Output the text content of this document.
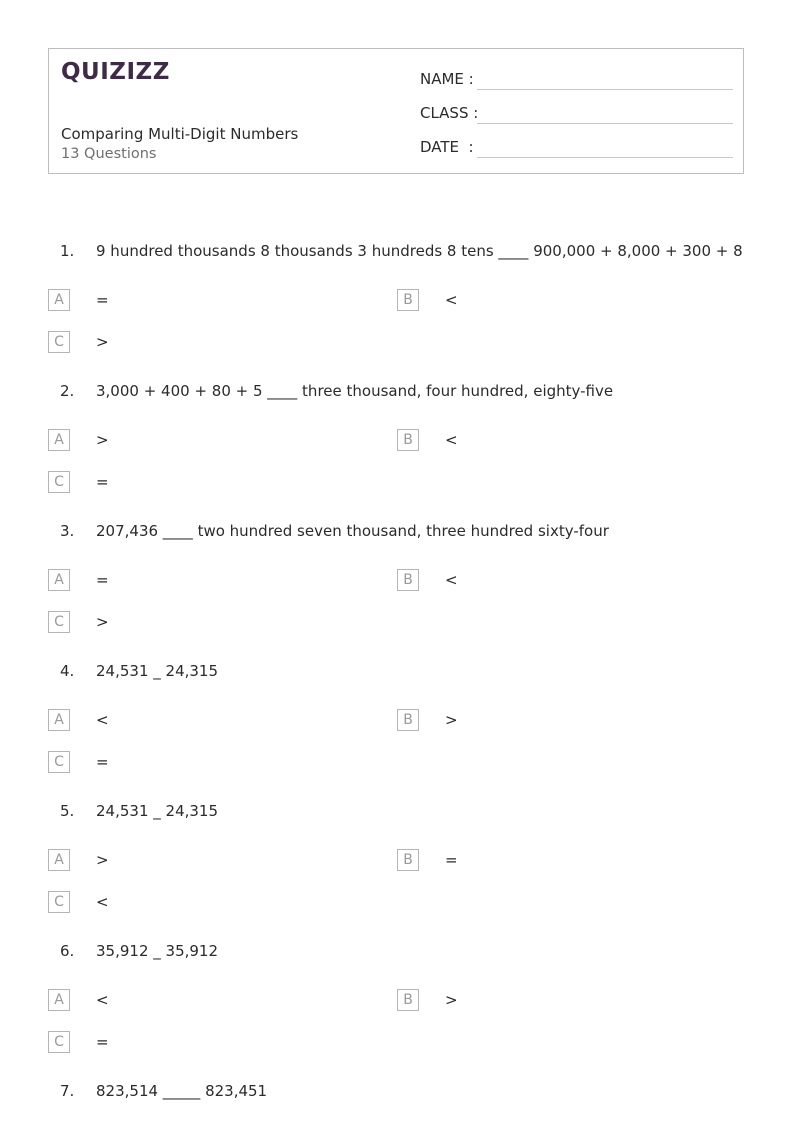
QUIZIZZ
Comparing Multi-Digit Numbers
13 Questions
NAME :
CLASS :
DATE  :
1. 9 hundred thousands 8 thousands 3 hundreds 8 tens ____ 900,000 + 8,000 + 300 + 8
A	=	B	<
C	>
2. 3,000 + 400 + 80 + 5 ____ three thousand, four hundred, eighty-five
A	>	B	<
C	=
3. 207,436 ____ two hundred seven thousand, three hundred sixty-four
A	=	B	<
C	>
4. 24,531 _ 24,315
A	<	B	>
C	=
5. 24,531 _ 24,315
A	>	B	=
C	<
6. 35,912 _ 35,912
A	<	B	>
C	=
7. 823,514 _____ 823,451
